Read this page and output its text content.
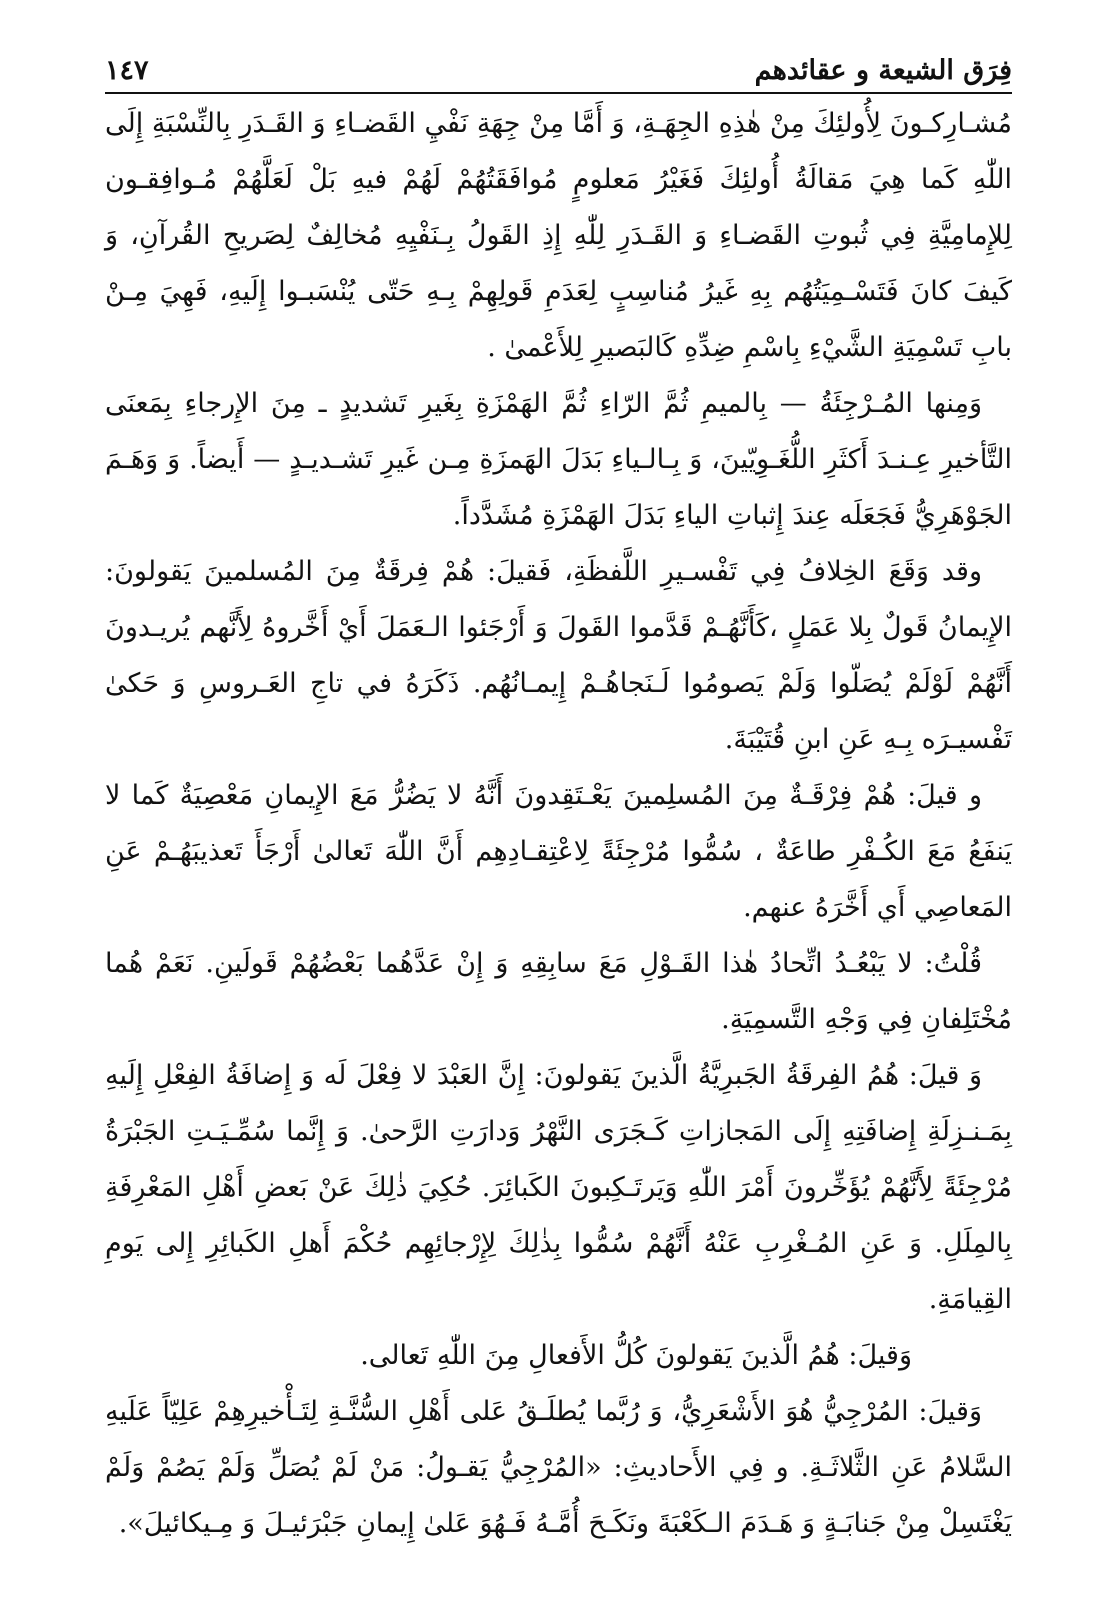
فِرَق الشيعة و عقائدهم
١٤٧

مُشـارِكـونَ لِأُولئِكَ مِنْ هٰذِهِ الجِهَـةِ، وَ أَمَّا مِنْ جِهَةِ نَفْيِ القَضـاءِ وَ القَـدَرِ بِالنِّسْبَةِ إِلَى اللّٰهِ كَما هِيَ مَقالَةُ أُولئِكَ فَغَيْرُ مَعلومٍ مُوافَقَتُهُمْ لَهُمْ فيهِ بَلْ لَعَلَّهُمْ مُـوافِقـون لِلإِمامِيَّةِ فِي ثُبوتِ القَضـاءِ وَ القَـدَرِ لِلّٰهِ إِذِ القَولُ بِـنَفْيِهِ مُخالِفٌ لِصَريحِ القُرآنِ، وَ كَيفَ كانَ فَتَسْـمِيَتُهُم بِهِ غَيرُ مُناسِبٍ لِعَدَمِ قَولِهِمْ بِـهِ حَتّى يُنْسَبـوا إِلَيهِ، فَهِيَ مِـنْ بابِ تَسْمِيَةِ الشَّيْءِ بِاسْمِ ضِدِّهِ كَالبَصيرِ لِلأَعْمىٰ .

وَمِنها المُـرْجِئَةُ — بِالميمِ ثُمَّ الرّاءِ ثُمَّ الهَمْزَةِ بِغَيرِ تَشديدٍ ـ مِنَ الإِرجاءِ بِمَعنَى التَّأخيرِ عِـنـدَ أَكثَرِ اللُّغَـوِيّينَ، وَ بِـالـياءِ بَدَلَ الهَمزَةِ مِـن غَيرِ تَشـديـدٍ — أَيضاً. وَ وَهَـمَ الجَوْهَرِيُّ فَجَعَلَه عِندَ إِثباتِ الياءِ بَدَلَ الهَمْزَةِ مُشَدَّداً.

وقد وَقَعَ الخِلافُ فِي تَفْسـيرِ اللَّفظَةِ، فَقيلَ: هُمْ فِرقَةٌ مِنَ المُسلمينَ يَقولونَ: الإِيمانُ قَولٌ بِلا عَمَلٍ ،كَأَنَّهُـمْ قَدَّموا القَولَ وَ أَرْجَئوا الـعَمَلَ أَيْ أَخَّروهُ لِأَنَّهم يُريـدونَ أَنَّهُمْ لَوْلَمْ يُصَلّوا وَلَمْ يَصومُوا لَـنَجاهُـمْ إِيمـانُهُم. ذَكَرَهُ في تاجِ العَـروسِ وَ حَكىٰ تَفْسيـرَه بِـهِ عَنِ ابنِ قُتَيْبَةَ.

و قيلَ: هُمْ فِرْقَـةٌ مِنَ المُسلِمينَ يَعْـتَقِدونَ أَنَّهُ لا يَضُرُّ مَعَ الإِيمانِ مَعْصِيَةٌ كَما لا يَنفَعُ مَعَ الكُـفْرِ طاعَةٌ ، سُمُّوا مُرْجِئَةً لِاعْتِقـادِهِم أَنَّ اللّٰهَ تَعالىٰ أَرْجَأَ تَعذيبَهُـمْ عَنِ المَعاصِي أَي أَخَّرَهُ عنهم.

قُلْتُ: لا يَبْعُـدُ اتِّحادُ هٰذا القَـوْلِ مَعَ سابِقِهِ وَ إِنْ عَدَّهُما بَعْضُهُمْ قَولَينِ. نَعَمْ هُما مُخْتَلِفانِ فِي وَجْهِ التَّسمِيَةِ.

وَ قيلَ: هُمُ الفِرقَةُ الجَبرِيَّةُ الَّذينَ يَقولونَ: إِنَّ العَبْدَ لا فِعْلَ لَه وَ إِضافَةُ الفِعْلِ إِلَيهِ بِمَـنـزِلَةِ إِضافَتِهِ إِلَى المَجازاتِ كَـجَرَى النَّهْرُ وَدارَتِ الرَّحىٰ. وَ إِنَّما سُمِّـيَـتِ الجَبْرَةُ مُرْجِئَةً لِأَنَّهُمْ يُؤَخِّرونَ أَمْرَ اللّٰهِ وَيَرتَـكِبونَ الكَبائِرَ. حُكِيَ ذٰلِكَ عَنْ بَعضِ أَهْلِ المَعْرِفَةِ بِالمِلَلِ. وَ عَنِ المُـغْرِبِ عَنْهُ أَنَّهُمْ سُمُّوا بِذٰلِكَ لِإِرْجائِهِم حُكْمَ أَهلِ الكَبائِرِ إِلى يَومِ القِيامَةِ.

وَقيلَ: هُمُ الَّذينَ يَقولونَ كُلُّ الأَفعالِ مِنَ اللّٰهِ تَعالى.

وَقيلَ: المُرْجِيُّ هُوَ الأَشْعَرِيُّ، وَ رُبَّما يُطلَـقُ عَلى أَهْلِ السُّنَّـةِ لِتَـأْخيرِهِمْ عَلِيّاً عَلَيهِ السَّلامُ عَنِ الثَّلاثَـةِ. و فِي الأَحاديثِ: «المُرْجِيُّ يَقـولُ: مَنْ لَمْ يُصَلِّ وَلَمْ يَصُمْ وَلَمْ يَغْتَسِلْ مِنْ جَنابَـةٍ وَ هَـدَمَ الـكَعْبَةَ ونَكَـحَ أُمَّـهُ فَـهُوَ عَلىٰ إِيمانِ جَبْرَئيـلَ وَ مِـيكائيلَ».
